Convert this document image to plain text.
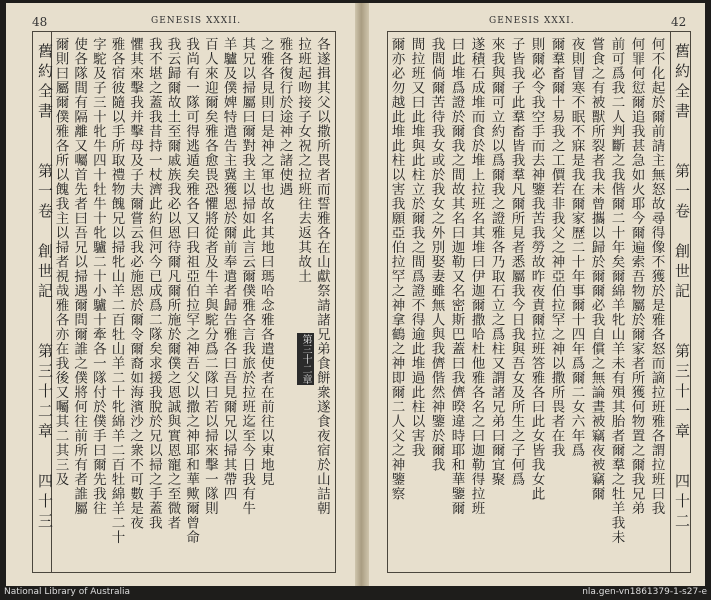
48	GENESIS XXXII.
舊約全書
第一卷
創世記
第三十二章
四十三	各遂揖其父以撒所畏者而誓雅各在山獻祭請諸兄弟食餅衆遂食夜宿於山詰朝
拉班起吻接子女祝之拉班往去返其故土
雅各復行於途神之諸使遇
之雅各見則曰是神之軍也故名其地曰瑪哈念雅各遣使者在前往以東地見
其兄以掃屬曰爾對我主以掃如此言云爾僕雅各言我旅於拉班迄至今日我有牛
羊驢及僕婢特遣告主冀獲恩於爾前奉遣者歸告雅各曰吾見爾兄以掃其帶四
百人來迎爾矣雅各愈畏恐懼將從者及牛羊與駝分爲二隊曰若以掃來擊一隊則
我尚有一隊可得逃遁矣雅各又曰我祖亞伯拉罕之神吾父以撒之神耶和華歟爾曾命
我云歸爾故土至爾戚族我必以恩待爾凡爾所施於爾僕之恩誠與實恩寵之至微者
我不堪之蓋我昔持一杖濟此約但河今已成爲二隊矣求援我脫於兄以掃之手蓋我
懼其來擊我并擊母及子夫爾嘗云我必施恩於爾令爾裔如海濱沙之衆不可數是夜
雅各宿彼隨以手所取禮物餽兄以掃牝山羊二百牡山羊二十牝綿羊二百牡綿羊二十
字駝及子三十牝牛四十牡牛十牝驢二十小驢十牽各一隊付於僕手曰爾先我往
使各隊間有隔離又囑首先者曰吾兄以掃遇爾問爾誰之僕將何往前所有者誰屬
爾則曰屬爾僕雅各所以餽我主以掃者視哉雅各亦在我後又囑其二其三及	第三十二章
GENESIS XXXI.	42
何不化起於爾前請主無怒故尋得像不獲於是雅各怒而謫拉班雅各謂拉班曰我
何罪何愆爾追我甚急如火耶今爾遍索吾物屬於爾家者所獲何物置之爾我兄弟
前可爲我二人判斷之我偕爾二十年矣爾綿羊牝山羊未有殞其胎者爾羣之牡羊我未
嘗食之有被獸所裂者我未曾攜以歸於爾爾必我自償之無論晝被竊夜被竊爾
夜則冒寒不眠不寐是我在爾家歷二十年事爾十四年爲爾二女六年爲
爾羣畜爾十易我之工價若非我父之神亞伯拉罕之神以撒所畏者在我
則爾必令我空手而去神鑒我苦我勞故昨夜責爾拉班答雅各曰此女皆我女此
子皆我子此羣畜皆我羣凡爾所見者悉屬我今日我與吾女及所生之子何爲
來我與爾可立約以爲爾我之證雅各乃取石立之爲柱又謂諸兄弟曰爾宜聚
遂積石成堆而食於堆上拉班名其堆曰伊迦爾撒哈杜他雅各名之曰迦勒得拉班
曰此堆爲證於爾我之間故其名曰迦勒又名密斯巴蓋曰我儕暌違時耶和華鑒爾
我間倘爾苦待我女或於我女之外別娶妻雖無人與我儕偕然神鑒於爾我
間拉班又曰此堆與此柱立於爾我之間爲證不得逾此堆過此柱以害我
爾亦必勿越此堆此柱以害我願亞伯拉罕之神拿鶴之神即爾二人父之神鑒察	舊約全書
第一卷
創世記
第三十一章
四十二
National Library of Australia	nla.gen-vn1861379-1-s27-e
